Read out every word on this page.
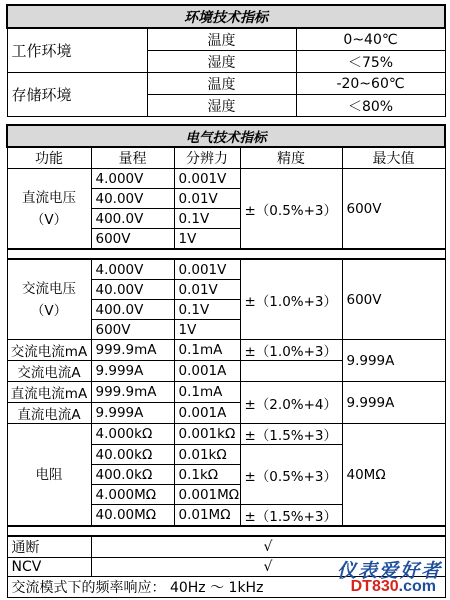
环境技术指标		
工作环境	温度	0~40℃
	湿度	＜75%
存储环境	温度	-20~60℃
	湿度	＜80%
电气技术指标				
功能	量程	分辨力	精度	最大值
直流电压
（V）	4.000V	0.001V	±（0.5%+3）	600V
	40.00V	0.01V		
	400.0V	0.1V		
	600V	1V		

交流电压
（V）	4.000V	0.001V	±（1.0%+3）	600V
	40.00V	0.01V		
	400.0V	0.1V		
	600V	1V		
交流电流mA	999.9mA	0.1mA	±（1.0%+3）	9.999A
交流电流A	9.999A	0.001A		
直流电流mA	999.9mA	0.1mA	±（2.0%+4）	9.999A
直流电流A	9.999A	0.001A		
电阻	4.000kΩ	0.001kΩ	±（1.5%+3）	40MΩ
	40.00kΩ	0.01kΩ	±（0.5%+3）	
	400.0kΩ	0.1kΩ		
	4.000MΩ	0.001MΩ		
	40.00MΩ	0.01MΩ	±（1.5%+3）	

通断	√			
NCV	√			
交流模式下的频率响应： 40Hz ～ 1kHz				
仪表爱好者
DT830.com
